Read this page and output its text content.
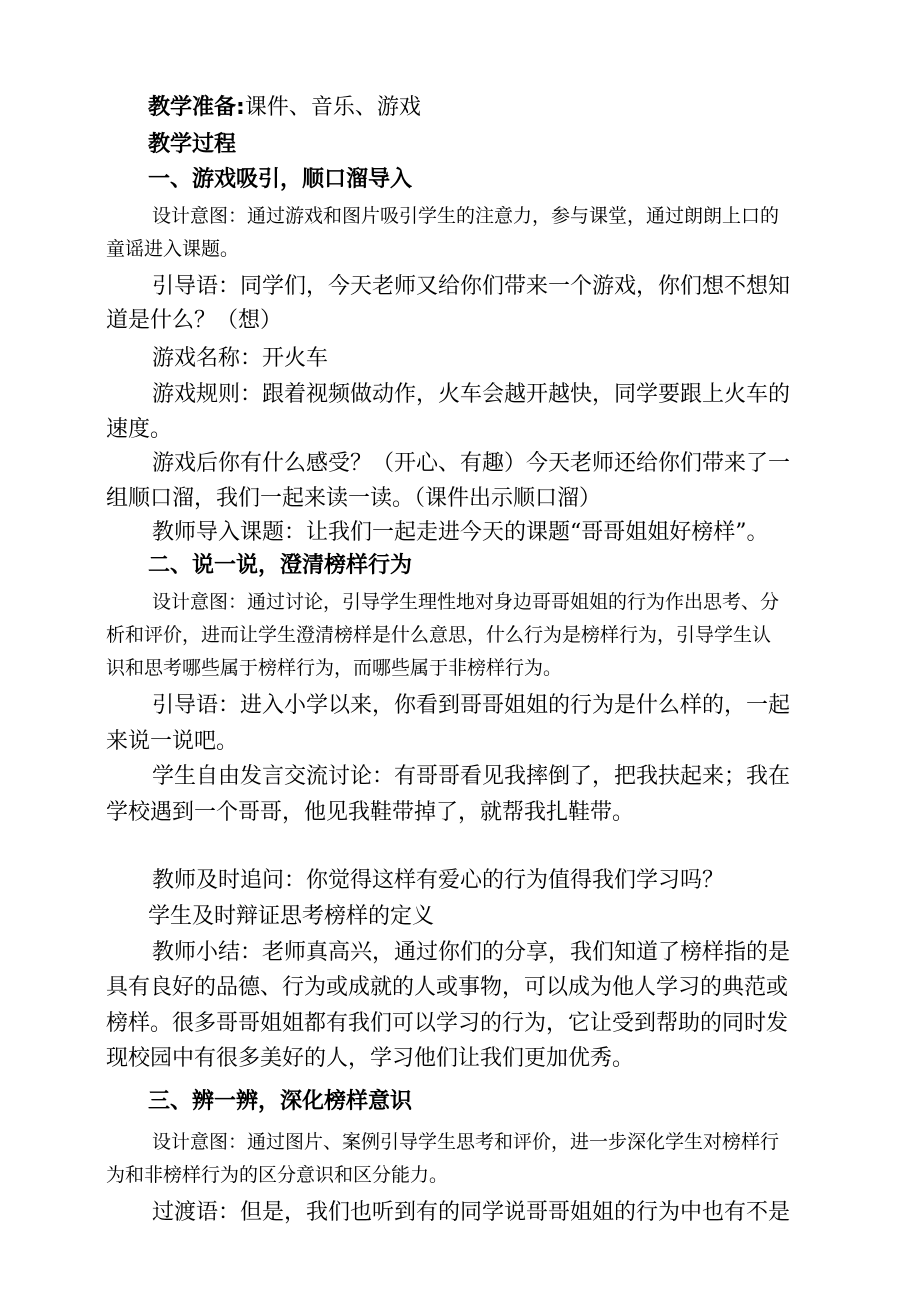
教学准备:课件、音乐、游戏
教学过程
一、游戏吸引，顺口溜导入
设计意图：通过游戏和图片吸引学生的注意力，参与课堂，通过朗朗上口的
童谣进入课题。
引导语：同学们，今天老师又给你们带来一个游戏，你们想不想知
道是什么？（想）
游戏名称：开火车
游戏规则：跟着视频做动作，火车会越开越快，同学要跟上火车的
速度。
游戏后你有什么感受？（开心、有趣）今天老师还给你们带来了一
组顺口溜，我们一起来读一读。（课件出示顺口溜）
教师导入课题：让我们一起走进今天的课题“哥哥姐姐好榜样”。
二、说一说，澄清榜样行为
设计意图：通过讨论，引导学生理性地对身边哥哥姐姐的行为作出思考、分
析和评价，进而让学生澄清榜样是什么意思，什么行为是榜样行为，引导学生认
识和思考哪些属于榜样行为，而哪些属于非榜样行为。
引导语：进入小学以来，你看到哥哥姐姐的行为是什么样的，一起
来说一说吧。
学生自由发言交流讨论：有哥哥看见我摔倒了，把我扶起来；我在
学校遇到一个哥哥，他见我鞋带掉了，就帮我扎鞋带。
教师及时追问：你觉得这样有爱心的行为值得我们学习吗？
学生及时辩证思考榜样的定义
教师小结：老师真高兴，通过你们的分享，我们知道了榜样指的是
具有良好的品德、行为或成就的人或事物，可以成为他人学习的典范或
榜样。很多哥哥姐姐都有我们可以学习的行为，它让受到帮助的同时发
现校园中有很多美好的人，学习他们让我们更加优秀。
三、辨一辨，深化榜样意识
设计意图：通过图片、案例引导学生思考和评价，进一步深化学生对榜样行
为和非榜样行为的区分意识和区分能力。
过渡语：但是，我们也听到有的同学说哥哥姐姐的行为中也有不是
